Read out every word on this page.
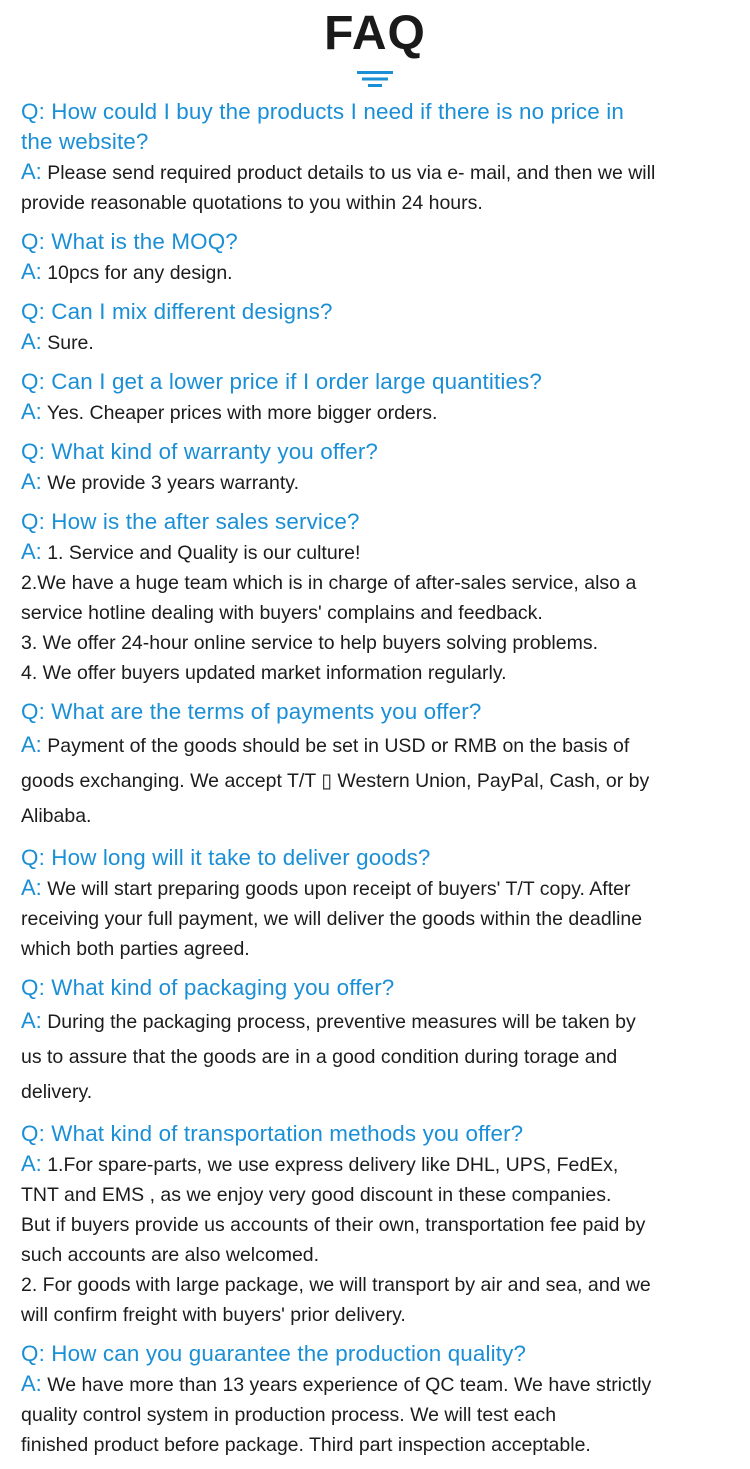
FAQ
Q: How could I buy the products I need if there is no price in
the website?
A: Please send required product details to us via e- mail, and then we will
provide reasonable quotations to you within 24 hours.
Q: What is the MOQ?
A: 10pcs for any design.
Q: Can I mix different designs?
A: Sure.
Q: Can I get a lower price if I order large quantities?
A: Yes. Cheaper prices with more bigger orders.
Q: What kind of warranty you offer?
A: We provide 3 years warranty.
Q: How is the after sales service?
A: 1. Service and Quality is our culture!
2.We have a huge team which is in charge of after-sales service, also a
service hotline dealing with buyers' complains and feedback.
3. We offer 24-hour online service to help buyers solving problems.
4. We offer buyers updated market information regularly.
Q: What are the terms of payments you offer?
A: Payment of the goods should be set in USD or RMB on the basis of
goods exchanging. We accept T/T ▯ Western Union, PayPal, Cash, or by
Alibaba.
Q: How long will it take to deliver goods?
A: We will start preparing goods upon receipt of buyers' T/T copy. After
receiving your full payment, we will deliver the goods within the deadline
which both parties agreed.
Q: What kind of packaging you offer?
A: During the packaging process, preventive measures will be taken by
us to assure that the goods are in a good condition during torage and
delivery.
Q: What kind of transportation methods you offer?
A: 1.For spare-parts, we use express delivery like DHL, UPS, FedEx,
TNT and EMS , as we enjoy very good discount in these companies.
But if buyers provide us accounts of their own, transportation fee paid by
such accounts are also welcomed.
2. For goods with large package, we will transport by air and sea, and we
will confirm freight with buyers' prior delivery.
Q: How can you guarantee the production quality?
A: We have more than 13 years experience of QC team. We have strictly
quality control system in production process. We will test each
finished product before package. Third part inspection acceptable.
